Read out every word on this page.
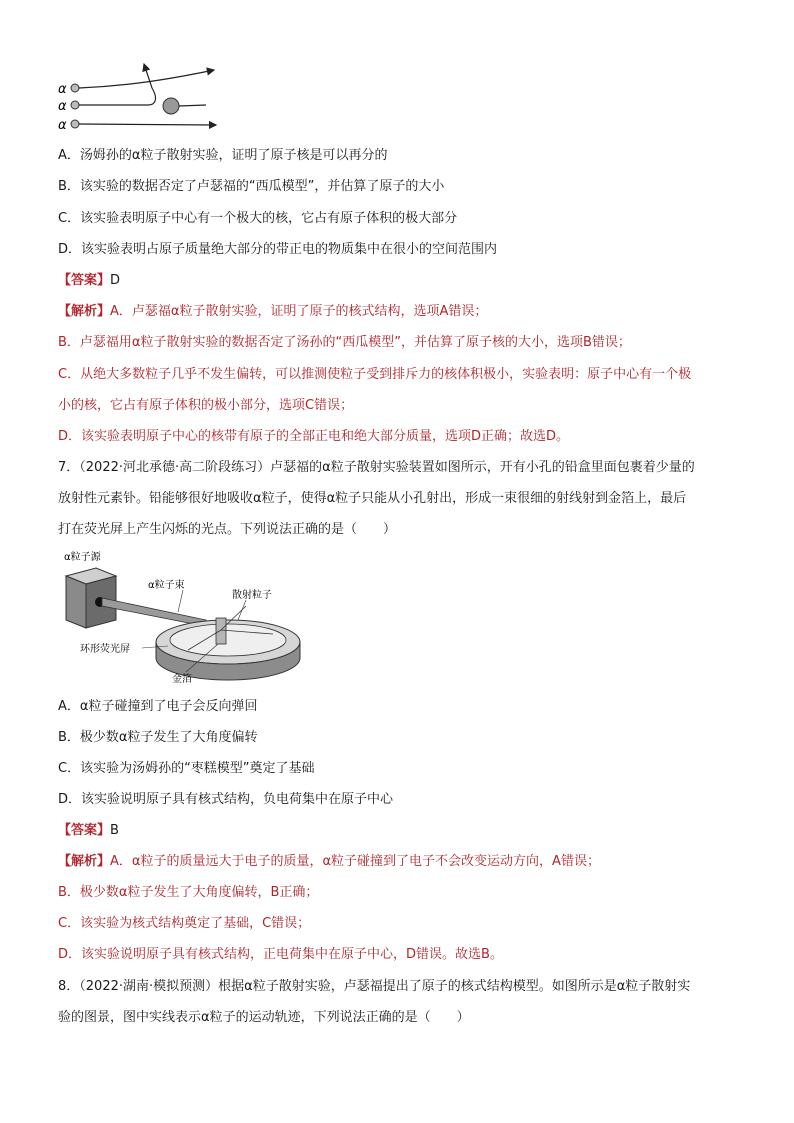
α
α
α
A．汤姆孙的α粒子散射实验，证明了原子核是可以再分的
B．该实验的数据否定了卢瑟福的“西瓜模型”，并估算了原子的大小
C．该实验表明原子中心有一个极大的核，它占有原子体积的极大部分
D．该实验表明占原子质量绝大部分的带正电的物质集中在很小的空间范围内
【答案】D
【解析】A．卢瑟福α粒子散射实验，证明了原子的核式结构，选项A错误；
B．卢瑟福用α粒子散射实验的数据否定了汤孙的“西瓜模型”，并估算了原子核的大小，选项B错误；
C．从绝大多数粒子几乎不发生偏转，可以推测使粒子受到排斥力的核体积极小，实验表明：原子中心有一个极
小的核，它占有原子体积的极小部分，选项C错误；
D．该实验表明原子中心的核带有原子的全部正电和绝大部分质量，选项D正确；故选D。
7．（2022·河北承德·高二阶段练习）卢瑟福的α粒子散射实验装置如图所示，开有小孔的铅盒里面包裹着少量的
放射性元素钋。铅能够很好地吸收α粒子，使得α粒子只能从小孔射出，形成一束很细的射线射到金箔上，最后
打在荧光屏上产生闪烁的光点。下列说法正确的是（　　）
α粒子源
α粒子束
散射粒子
环形荧光屏
金箔
A．α粒子碰撞到了电子会反向弹回
B．极少数α粒子发生了大角度偏转
C．该实验为汤姆孙的“枣糕模型”奠定了基础
D．该实验说明原子具有核式结构，负电荷集中在原子中心
【答案】B
【解析】A．α粒子的质量远大于电子的质量，α粒子碰撞到了电子不会改变运动方向，A错误；
B．极少数α粒子发生了大角度偏转，B正确；
C．该实验为核式结构奠定了基础，C错误；
D．该实验说明原子具有核式结构，正电荷集中在原子中心，D错误。故选B。
8．（2022·湖南·模拟预测）根据α粒子散射实验，卢瑟福提出了原子的核式结构模型。如图所示是α粒子散射实
验的图景，图中实线表示α粒子的运动轨迹，下列说法正确的是（　　）
